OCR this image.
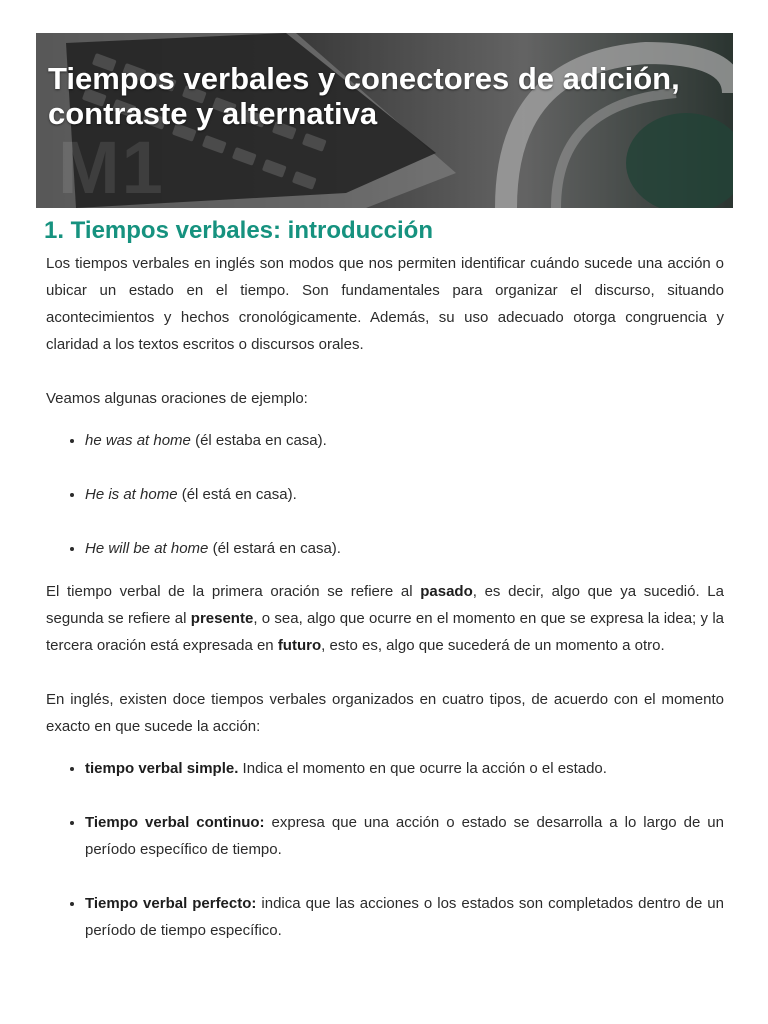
M1
Tiempos verbales y conectores de adición, contraste y alternativa
1. Tiempos verbales: introducción

Los tiempos verbales en inglés son modos que nos permiten identificar cuándo sucede una acción o ubicar un estado en el tiempo. Son fundamentales para organizar el discurso, situando acontecimientos y hechos cronológicamente. Además, su uso adecuado otorga congruencia y claridad a los textos escritos o discursos orales.

Veamos algunas oraciones de ejemplo:

• he was at home (él estaba en casa).
• He is at home (él está en casa).
• He will be at home (él estará en casa).

El tiempo verbal de la primera oración se refiere al pasado, es decir, algo que ya sucedió. La segunda se refiere al presente, o sea, algo que ocurre en el momento en que se expresa la idea; y la tercera oración está expresada en futuro, esto es, algo que sucederá de un momento a otro.

En inglés, existen doce tiempos verbales organizados en cuatro tipos, de acuerdo con el momento exacto en que sucede la acción:

• tiempo verbal simple. Indica el momento en que ocurre la acción o el estado.
• Tiempo verbal continuo: expresa que una acción o estado se desarrolla a lo largo de un período específico de tiempo.
• Tiempo verbal perfecto: indica que las acciones o los estados son completados dentro de un período de tiempo específico.
